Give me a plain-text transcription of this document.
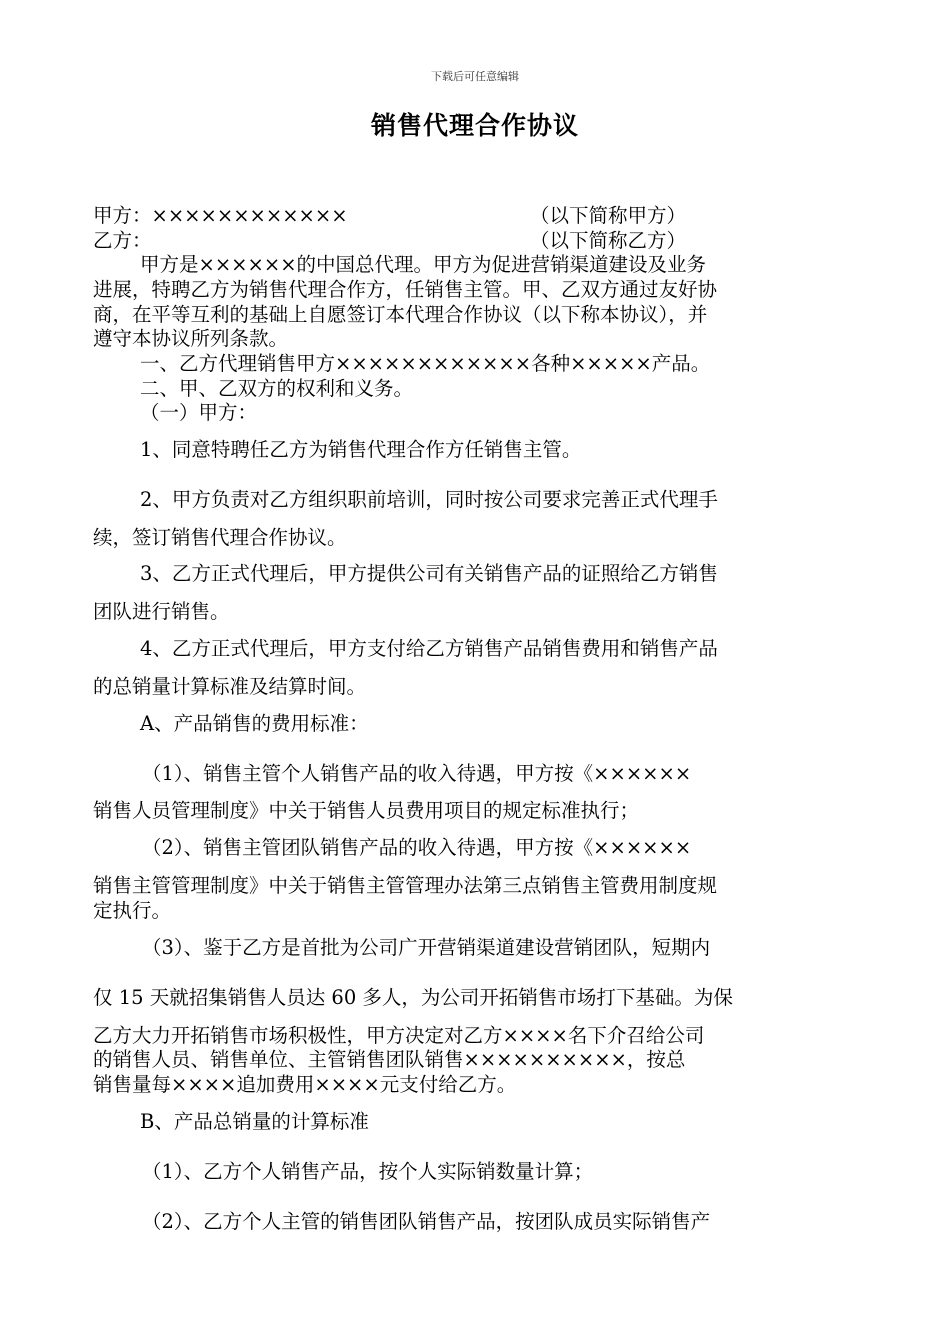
下载后可任意编辑
销售代理合作协议
甲方：××××××××××××	（以下简称甲方）
乙方：	（以下简称乙方）
甲方是××××××的中国总代理。甲方为促进营销渠道建设及业务
进展，特聘乙方为销售代理合作方，任销售主管。甲、乙双方通过友好协
商，在平等互利的基础上自愿签订本代理合作协议（以下称本协议），并
遵守本协议所列条款。
一、乙方代理销售甲方××××××××××××各种×××××产品。
二、甲、乙双方的权利和义务。
（一）甲方：
1、同意特聘任乙方为销售代理合作方任销售主管。
2、甲方负责对乙方组织职前培训，同时按公司要求完善正式代理手
续，签订销售代理合作协议。
3、乙方正式代理后，甲方提供公司有关销售产品的证照给乙方销售
团队进行销售。
4、乙方正式代理后，甲方支付给乙方销售产品销售费用和销售产品
的总销量计算标准及结算时间。
A、产品销售的费用标准：
（1）、销售主管个人销售产品的收入待遇，甲方按《××××××
销售人员管理制度》中关于销售人员费用项目的规定标准执行；
（2）、销售主管团队销售产品的收入待遇，甲方按《××××××
销售主管管理制度》中关于销售主管管理办法第三点销售主管费用制度规
定执行。
（3）、鉴于乙方是首批为公司广开营销渠道建设营销团队，短期内
仅 15 天就招集销售人员达 60 多人，为公司开拓销售市场打下基础。为保
乙方大力开拓销售市场积极性，甲方决定对乙方××××名下介召给公司
的销售人员、销售单位、主管销售团队销售××××××××××，按总
销售量每××××追加费用××××元支付给乙方。
B、产品总销量的计算标准
（1）、乙方个人销售产品，按个人实际销数量计算；
（2）、乙方个人主管的销售团队销售产品，按团队成员实际销售产
